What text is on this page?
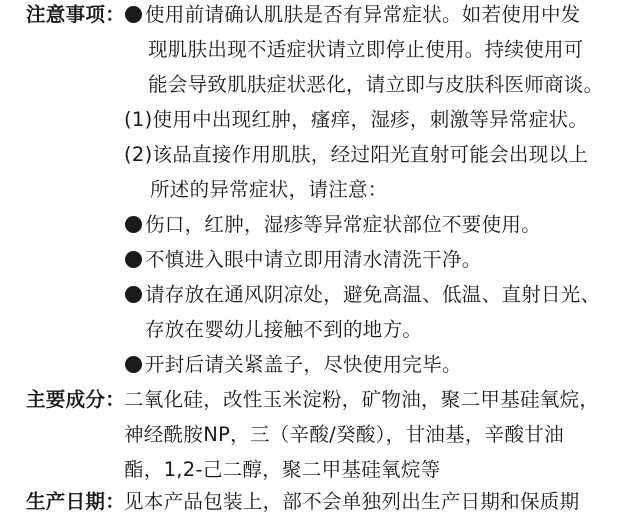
注意事项：	使用前请确认肌肤是否有异常症状。如若使用中发
现肌肤出现不适症状请立即停止使用。持续使用可
能会导致肌肤症状恶化，请立即与皮肤科医师商谈。
(1)使用中出现红肿，瘙痒，湿疹，刺激等异常症状。
(2)该品直接作用肌肤，经过阳光直射可能会出现以上
所述的异常症状，请注意：
伤口，红肿，湿疹等异常症状部位不要使用。
不慎进入眼中请立即用清水清洗干净。
请存放在通风阴凉处，避免高温、低温、直射日光、
存放在婴幼儿接触不到的地方。
开封后请关紧盖子，尽快使用完毕。
主要成分：
二氧化硅，改性玉米淀粉，矿物油，聚二甲基硅氧烷，
神经酰胺NP，三（辛酸/癸酸），甘油基，辛酸甘油
酯，1,2-己二醇，聚二甲基硅氧烷等
生产日期：
见本产品包装上，部不会单独列出生产日期和保质期
